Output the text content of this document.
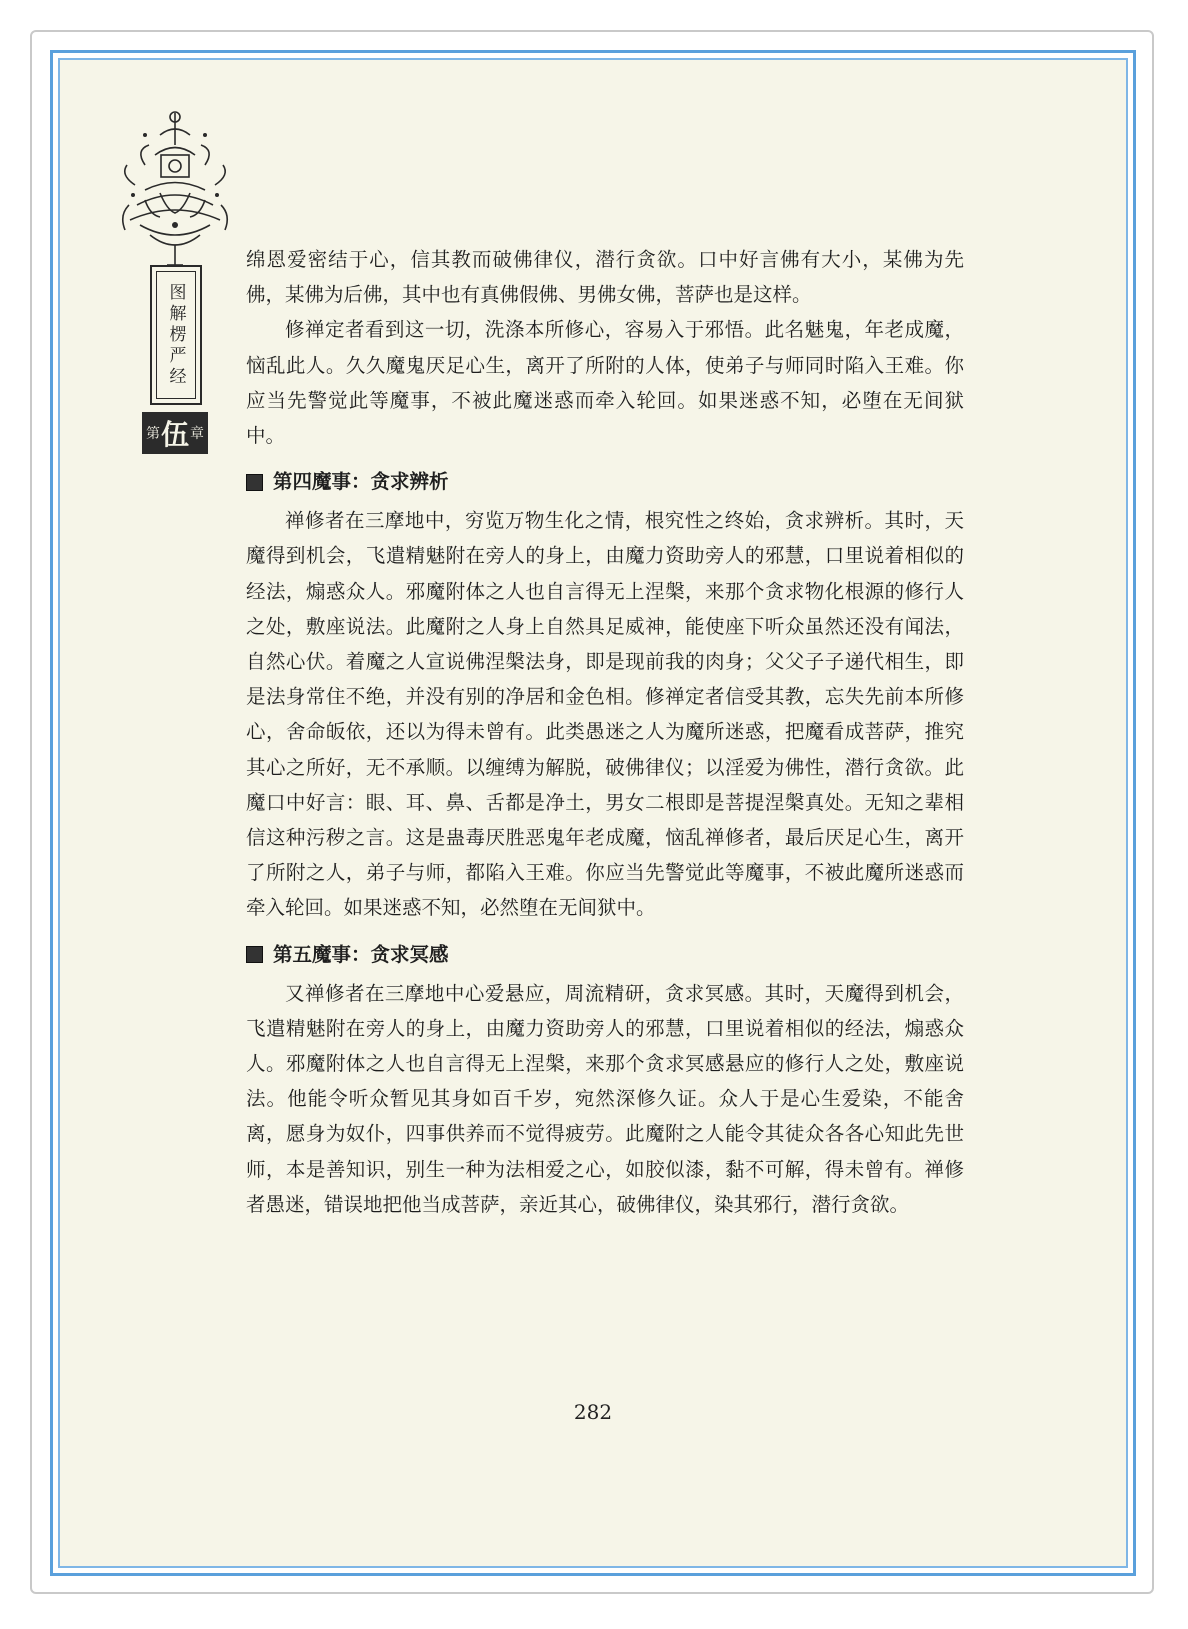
图解楞严经
第 伍 章

绵恩爱密结于心，信其教而破佛律仪，潜行贪欲。口中好言佛有大小，某佛为先佛，某佛为后佛，其中也有真佛假佛、男佛女佛，菩萨也是这样。

修禅定者看到这一切，洗涤本所修心，容易入于邪悟。此名魅鬼，年老成魔，恼乱此人。久久魔鬼厌足心生，离开了所附的人体，使弟子与师同时陷入王难。你应当先警觉此等魔事，不被此魔迷惑而牵入轮回。如果迷惑不知，必堕在无间狱中。

第四魔事：贪求辨析

禅修者在三摩地中，穷览万物生化之情，根究性之终始，贪求辨析。其时，天魔得到机会，飞遣精魅附在旁人的身上，由魔力资助旁人的邪慧，口里说着相似的经法，煽惑众人。邪魔附体之人也自言得无上涅槃，来那个贪求物化根源的修行人之处，敷座说法。此魔附之人身上自然具足威神，能使座下听众虽然还没有闻法，自然心伏。着魔之人宣说佛涅槃法身，即是现前我的肉身；父父子子递代相生，即是法身常住不绝，并没有别的净居和金色相。修禅定者信受其教，忘失先前本所修心，舍命皈依，还以为得未曾有。此类愚迷之人为魔所迷惑，把魔看成菩萨，推究其心之所好，无不承顺。以缠缚为解脱，破佛律仪；以淫爱为佛性，潜行贪欲。此魔口中好言：眼、耳、鼻、舌都是净土，男女二根即是菩提涅槃真处。无知之辈相信这种污秽之言。这是蛊毒厌胜恶鬼年老成魔，恼乱禅修者，最后厌足心生，离开了所附之人，弟子与师，都陷入王难。你应当先警觉此等魔事，不被此魔所迷惑而牵入轮回。如果迷惑不知，必然堕在无间狱中。

第五魔事：贪求冥感

又禅修者在三摩地中心爱悬应，周流精研，贪求冥感。其时，天魔得到机会，飞遣精魅附在旁人的身上，由魔力资助旁人的邪慧，口里说着相似的经法，煽惑众人。邪魔附体之人也自言得无上涅槃，来那个贪求冥感悬应的修行人之处，敷座说法。他能令听众暂见其身如百千岁，宛然深修久证。众人于是心生爱染，不能舍离，愿身为奴仆，四事供养而不觉得疲劳。此魔附之人能令其徒众各各心知此先世师，本是善知识，别生一种为法相爱之心，如胶似漆，黏不可解，得未曾有。禅修者愚迷，错误地把他当成菩萨，亲近其心，破佛律仪，染其邪行，潜行贪欲。

282
